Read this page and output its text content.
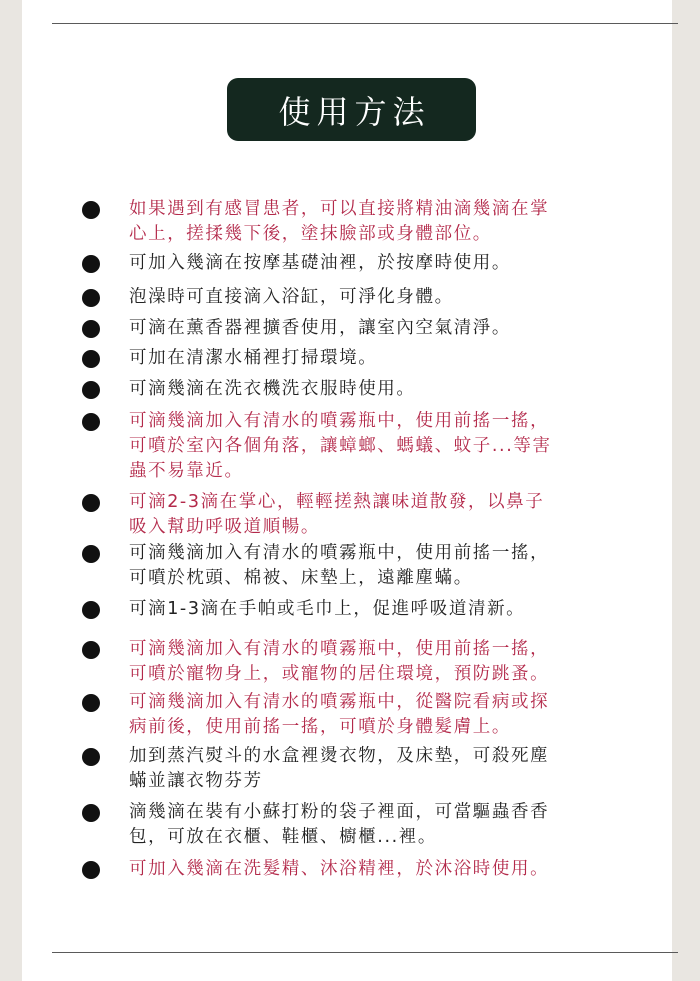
使用方法
如果遇到有感冒患者，可以直接將精油滴幾滴在掌
心上，搓揉幾下後，塗抹臉部或身體部位。
可加入幾滴在按摩基礎油裡，於按摩時使用。
泡澡時可直接滴入浴缸，可淨化身體。
可滴在薰香器裡擴香使用，讓室內空氣清淨。
可加在清潔水桶裡打掃環境。
可滴幾滴在洗衣機洗衣服時使用。
可滴幾滴加入有清水的噴霧瓶中，使用前搖一搖，
可噴於室內各個角落，讓蟑螂、螞蟻、蚊子...等害
蟲不易靠近。
可滴2-3滴在掌心，輕輕搓熱讓味道散發，以鼻子
吸入幫助呼吸道順暢。
可滴幾滴加入有清水的噴霧瓶中，使用前搖一搖，
可噴於枕頭、棉被、床墊上，遠離塵蟎。
可滴1-3滴在手帕或毛巾上，促進呼吸道清新。
可滴幾滴加入有清水的噴霧瓶中，使用前搖一搖，
可噴於寵物身上，或寵物的居住環境，預防跳蚤。
可滴幾滴加入有清水的噴霧瓶中，從醫院看病或探
病前後，使用前搖一搖，可噴於身體髮膚上。
加到蒸汽熨斗的水盒裡燙衣物，及床墊，可殺死塵
蟎並讓衣物芬芳
滴幾滴在裝有小蘇打粉的袋子裡面，可當驅蟲香香
包，可放在衣櫃、鞋櫃、櫥櫃...裡。
可加入幾滴在洗髮精、沐浴精裡，於沐浴時使用。
